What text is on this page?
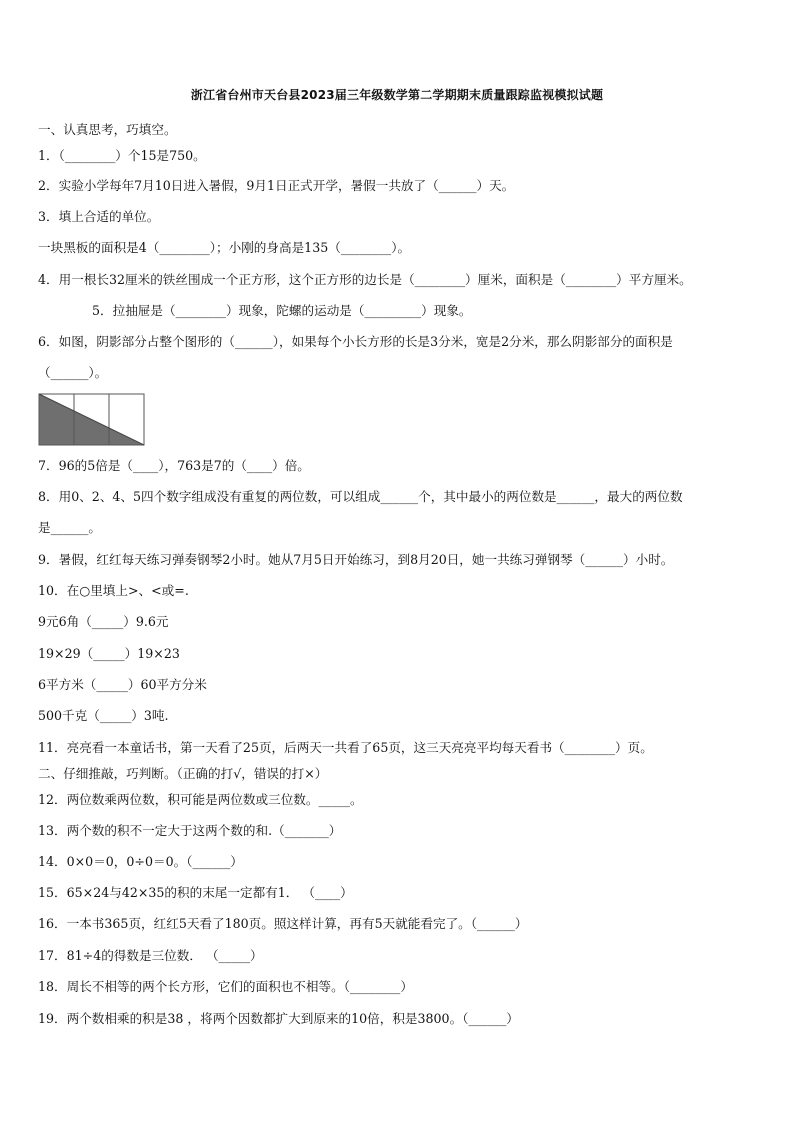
浙江省台州市天台县2023届三年级数学第二学期期末质量跟踪监视模拟试题
一、认真思考，巧填空。
1．（________）个15是750。
2．实验小学每年7月10日进入暑假，9月1日正式开学，暑假一共放了（______）天。
3．填上合适的单位。
一块黑板的面积是4（________）；小刚的身高是135（________）。
4．用一根长32厘米的铁丝围成一个正方形，这个正方形的边长是（________）厘米，面积是（________）平方厘米。
5．拉抽屉是（________）现象，陀螺的运动是（_________）现象。
6．如图，阴影部分占整个图形的（______），如果每个小长方形的长是3分米，宽是2分米，那么阴影部分的面积是
（______）。
7．96的5倍是（____），763是7的（____）倍。
8．用0、2、4、5四个数字组成没有重复的两位数，可以组成______个，其中最小的两位数是______，最大的两位数
是______。
9．暑假，红红每天练习弹奏钢琴2小时。她从7月5日开始练习，到8月20日，她一共练习弹钢琴（______）小时。
10．在○里填上>、<或=.
9元6角（_____）9.6元
19×29（_____）19×23
6平方米（_____）60平方分米
500千克（_____）3吨.
11．亮亮看一本童话书，第一天看了25页，后两天一共看了65页，这三天亮亮平均每天看书（________）页。
二、仔细推敲，巧判断。（正确的打√，错误的打×）
12．两位数乘两位数，积可能是两位数或三位数。_____。
13．两个数的积不一定大于这两个数的和.（_______）
14．0×0＝0，0÷0＝0。（______）
15．65×24与42×35的积的末尾一定都有1． （____）
16．一本书365页，红红5天看了180页。照这样计算，再有5天就能看完了。（______）
17．81÷4的得数是三位数． （_____）
18．周长不相等的两个长方形，它们的面积也不相等。（________）
19．两个数相乘的积是38 ，将两个因数都扩大到原来的10倍，积是3800。（______）
